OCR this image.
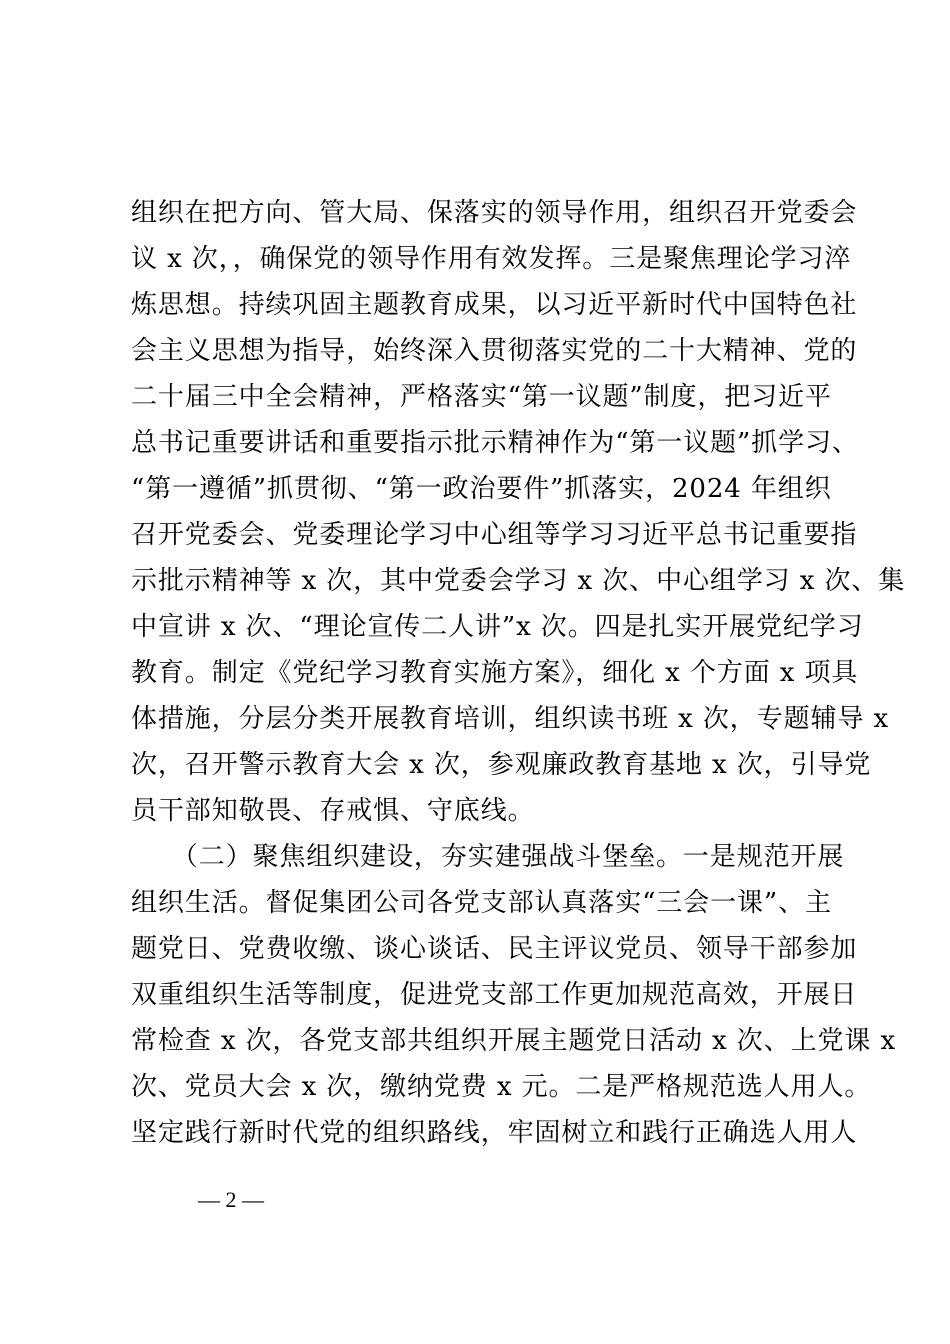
组织在把方向、管大局、保落实的领导作用，组织召开党委会
议 x 次，，确保党的领导作用有效发挥。三是聚焦理论学习淬
炼思想。持续巩固主题教育成果，以习近平新时代中国特色社
会主义思想为指导，始终深入贯彻落实党的二十大精神、党的
二十届三中全会精神，严格落实“第一议题”制度，把习近平
总书记重要讲话和重要指示批示精神作为“第一议题”抓学习、
“第一遵循”抓贯彻、“第一政治要件”抓落实，2024 年组织
召开党委会、党委理论学习中心组等学习习近平总书记重要指
示批示精神等 x 次，其中党委会学习 x 次、中心组学习 x 次、集
中宣讲 x 次、“理论宣传二人讲”x 次。四是扎实开展党纪学习
教育。制定《党纪学习教育实施方案》，细化 x 个方面 x 项具
体措施，分层分类开展教育培训，组织读书班 x 次，专题辅导 x
次，召开警示教育大会 x 次，参观廉政教育基地 x 次，引导党
员干部知敬畏、存戒惧、守底线。
　　（二）聚焦组织建设，夯实建强战斗堡垒。一是规范开展
组织生活。督促集团公司各党支部认真落实“三会一课”、主
题党日、党费收缴、谈心谈话、民主评议党员、领导干部参加
双重组织生活等制度，促进党支部工作更加规范高效，开展日
常检查 x 次，各党支部共组织开展主题党日活动 x 次、上党课 x
次、党员大会 x 次，缴纳党费 x 元。二是严格规范选人用人。
坚定践行新时代党的组织路线，牢固树立和践行正确选人用人
— 2 —
